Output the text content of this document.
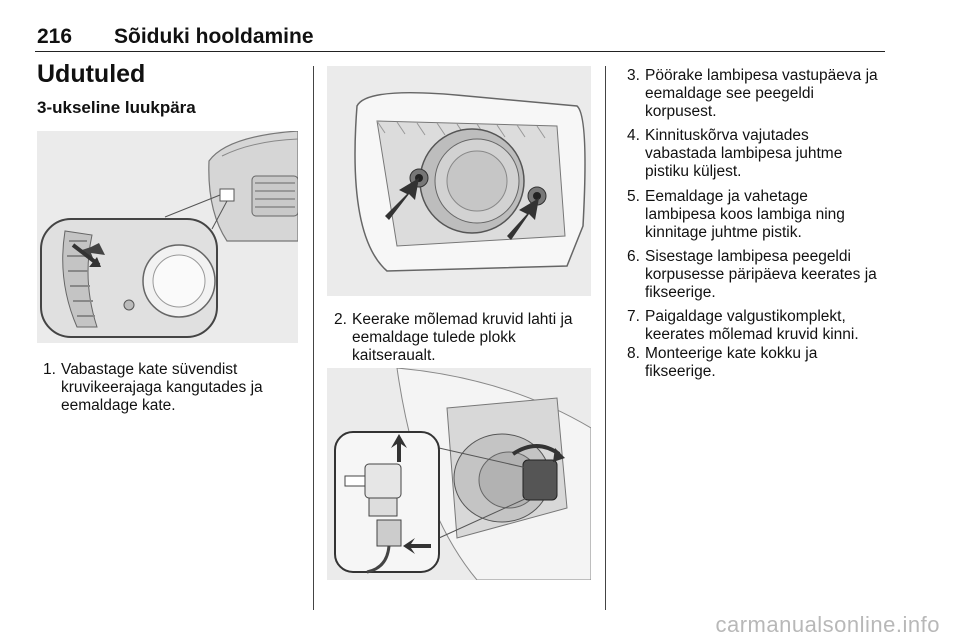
216 Sõiduki hooldamine
Udutuled
3-ukseline luukpära
1. Vabastage kate süvendist
kruvikeerajaga kangutades ja
eemaldage kate.
2. Keerake mõlemad kruvid lahti ja
eemaldage tulede plokk
kaitseraualt.
3. Pöörake lambipesa vastupäeva ja
eemaldage see peegeldi
korpusest.
4. Kinnituskõrva vajutades
vabastada lambipesa juhtme
pistiku küljest.
5. Eemaldage ja vahetage
lambipesa koos lambiga ning
kinnitage juhtme pistik.
6. Sisestage lambipesa peegeldi
korpusesse päripäeva keerates ja
fikseerige.
7. Paigaldage valgustikomplekt,
keerates mõlemad kruvid kinni.
8. Monteerige kate kokku ja
fikseerige.
carmanualsonline.info
